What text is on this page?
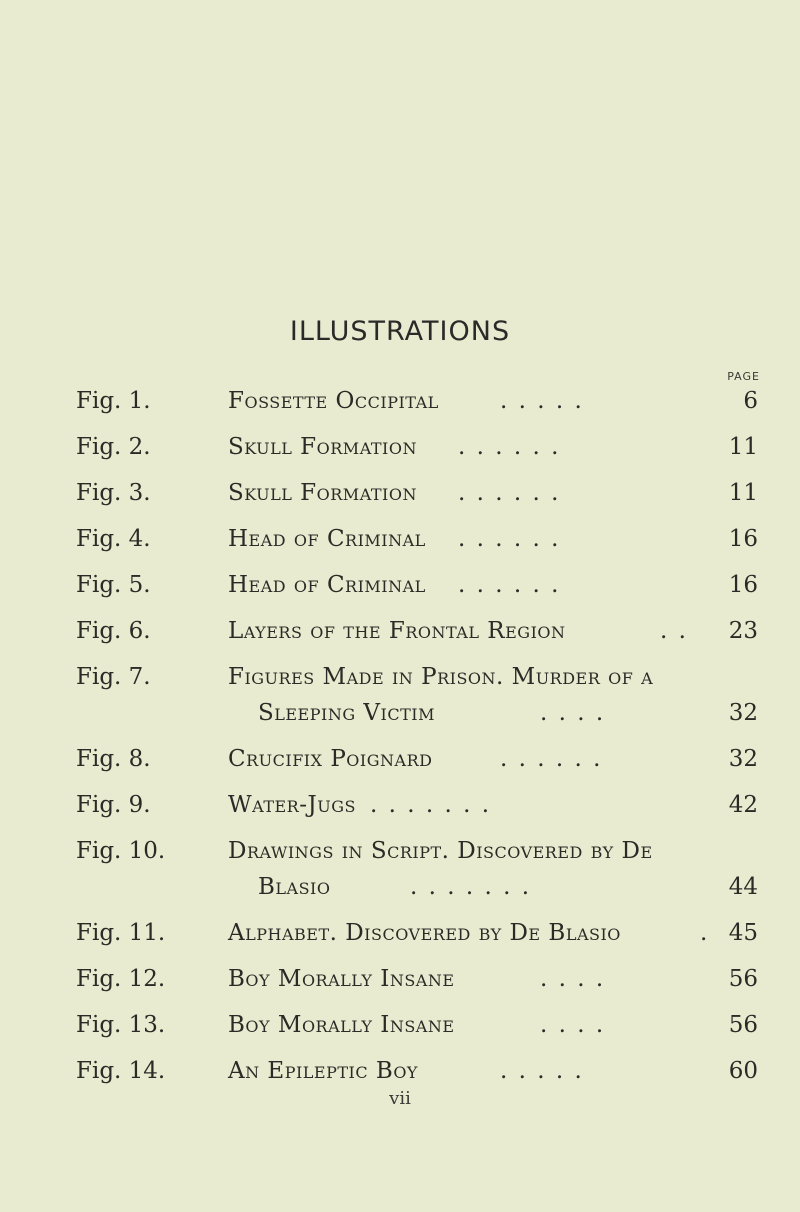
ILLUSTRATIONS
PAGE
Fig. 1.	Fossette Occipital	. . . . .	6
Fig. 2.	Skull Formation	. . . . . .	11
Fig. 3.	Skull Formation	. . . . . .	11
Fig. 4.	Head of Criminal	. . . . . .	16
Fig. 5.	Head of Criminal	. . . . . .	16
Fig. 6.	Layers of the Frontal Region	. .	23
Fig. 7.	Figures Made in Prison. Murder of a
Sleeping Victim	. . . .	32
Fig. 8.	Crucifix Poignard	. . . . . .	32
Fig. 9.	Water-Jugs . . . . . . .	42
Fig. 10.	Drawings in Script. Discovered by De
Blasio	. . . . . . .	44
Fig. 11.	Alphabet. Discovered by De Blasio	. 45
Fig. 12.	Boy Morally Insane	. . . .	56
Fig. 13.	Boy Morally Insane	. . . .	56
Fig. 14.	An Epileptic Boy	. . . . .	60
vii
